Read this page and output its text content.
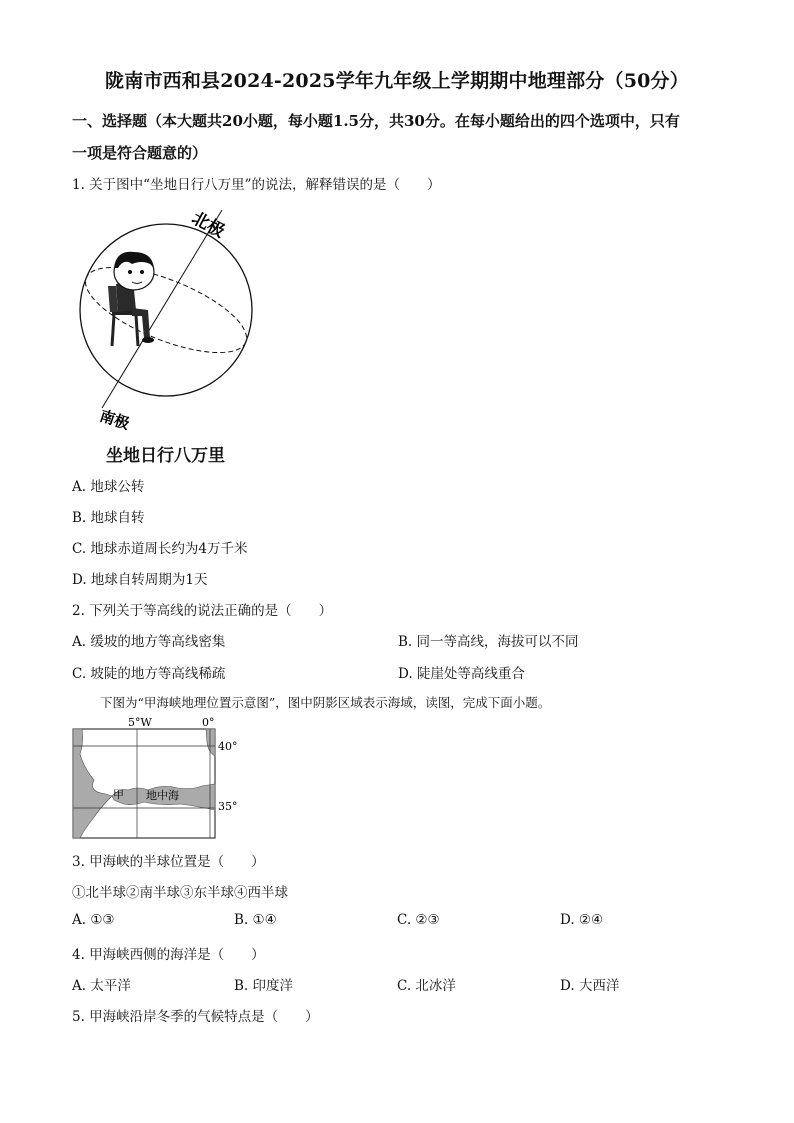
陇南市西和县2024-2025学年九年级上学期期中地理部分（50分）
一、选择题（本大题共20小题，每小题1.5分，共30分。在每小题给出的四个选项中，只有
一项是符合题意的）
1. 关于图中“坐地日行八万里”的说法，解释错误的是（　　）
北极
南极
坐地日行八万里
A. 地球公转
B. 地球自转
C. 地球赤道周长约为4万千米
D. 地球自转周期为1天
2. 下列关于等高线的说法正确的是（　　）
A. 缓坡的地方等高线密集	B. 同一等高线，海拔可以不同
C. 坡陡的地方等高线稀疏	D. 陡崖处等高线重合
下图为“甲海峡地理位置示意图”，图中阴影区域表示海域，读图，完成下面小题。
5°W	0°
40°
35°
甲 地中海
3. 甲海峡的半球位置是（　　）
①北半球②南半球③东半球④西半球
A. ①③	B. ①④	C. ②③	D. ②④
4. 甲海峡西侧的海洋是（　　）
A. 太平洋	B. 印度洋	C. 北冰洋	D. 大西洋
5. 甲海峡沿岸冬季的气候特点是（　　）
